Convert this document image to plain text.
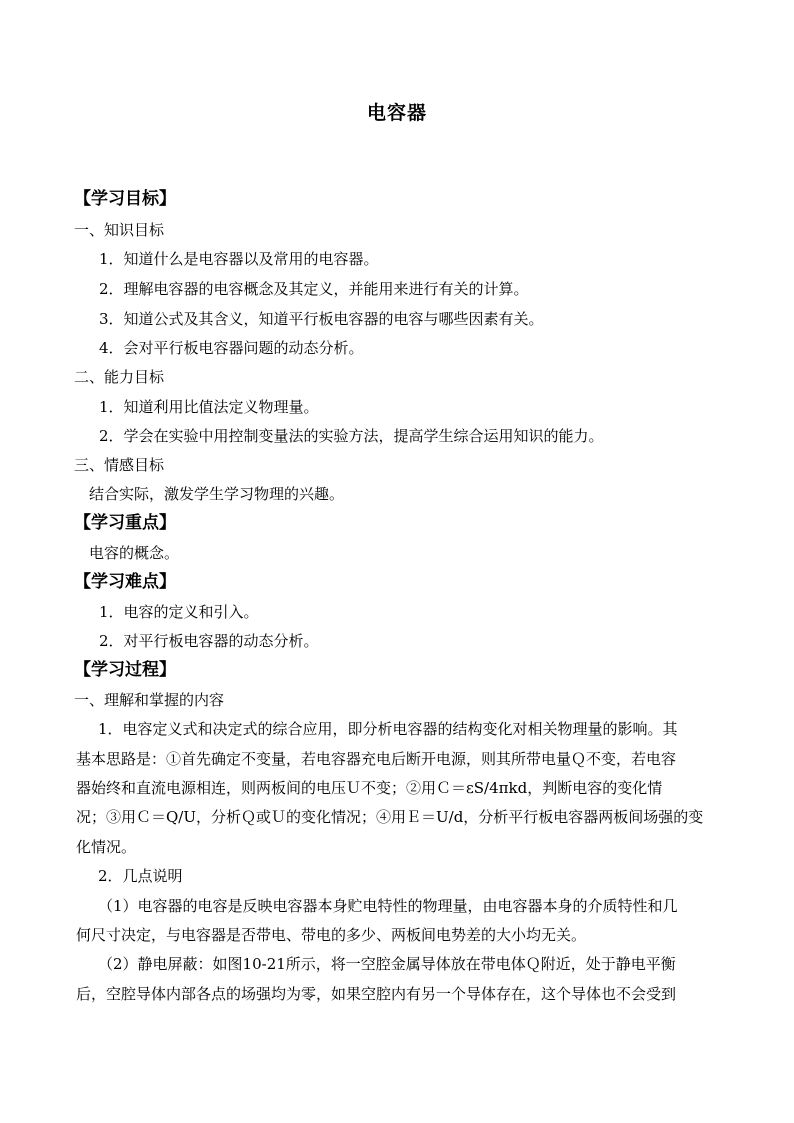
电容器
【学习目标】
一、知识目标
1．知道什么是电容器以及常用的电容器。
2．理解电容器的电容概念及其定义，并能用来进行有关的计算。
3．知道公式及其含义，知道平行板电容器的电容与哪些因素有关。
4．会对平行板电容器问题的动态分析。
二、能力目标
1．知道利用比值法定义物理量。
2．学会在实验中用控制变量法的实验方法，提高学生综合运用知识的能力。
三、情感目标
结合实际，激发学生学习物理的兴趣。
【学习重点】
电容的概念。
【学习难点】
1．电容的定义和引入。
2．对平行板电容器的动态分析。
【学习过程】
一、理解和掌握的内容
1．电容定义式和决定式的综合应用，即分析电容器的结构变化对相关物理量的影响。其
基本思路是：①首先确定不变量，若电容器充电后断开电源，则其所带电量Ｑ不变，若电容
器始终和直流电源相连，则两板间的电压Ｕ不变；②用Ｃ＝εS/4πkd，判断电容的变化情
况；③用Ｃ＝Q/U，分析Ｑ或Ｕ的变化情况；④用Ｅ＝U/d，分析平行板电容器两板间场强的变
化情况。
2．几点说明
（1）电容器的电容是反映电容器本身贮电特性的物理量，由电容器本身的介质特性和几
何尺寸决定，与电容器是否带电、带电的多少、两板间电势差的大小均无关。
（2）静电屏蔽：如图10-21所示，将一空腔金属导体放在带电体Ｑ附近，处于静电平衡
后，空腔导体内部各点的场强均为零，如果空腔内有另一个导体存在，这个导体也不会受到
